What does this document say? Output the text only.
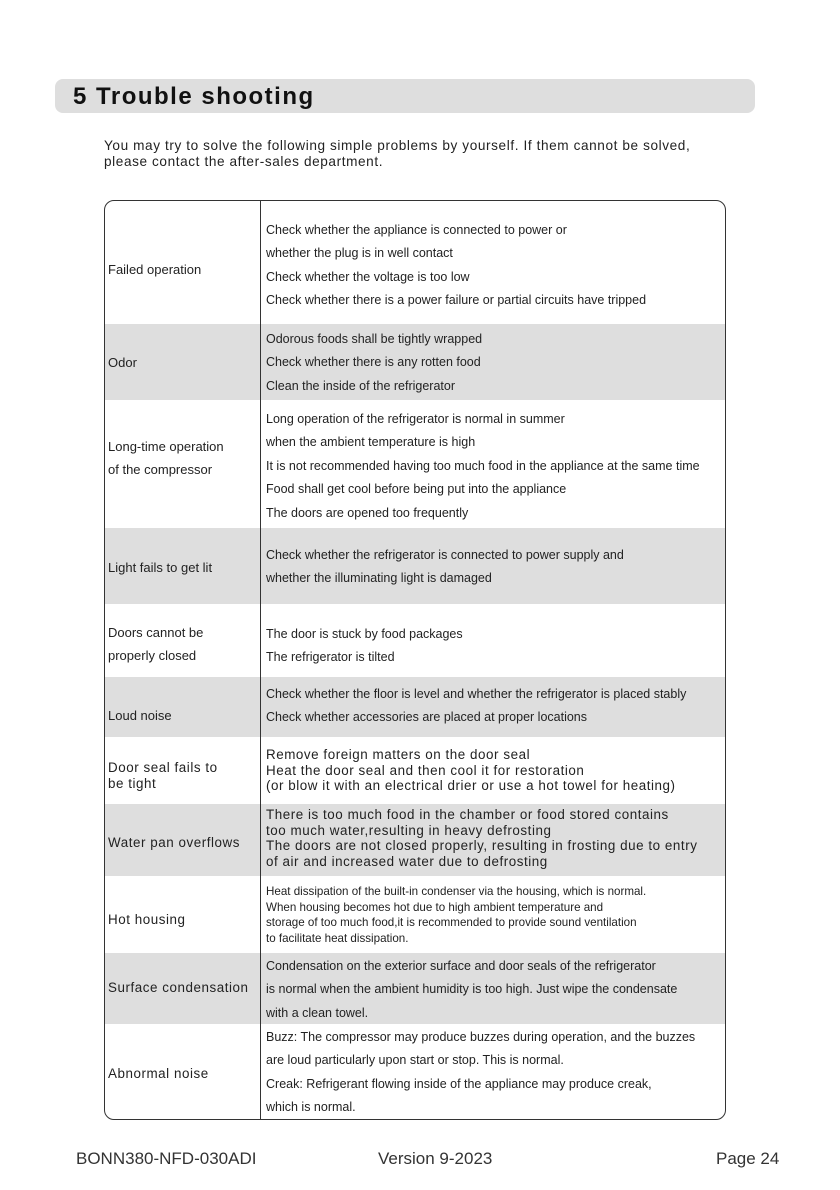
5 Trouble shooting

You may try to solve the following simple problems by yourself. If them cannot be solved,

please contact the after-sales department.

Failed operation
Check whether the appliance is connected to power or
whether the plug is in well contact
Check whether the voltage is too low
Check whether there is a power failure or partial circuits have tripped
Odor
Odorous foods shall be tightly wrapped
Check whether there is any rotten food
Clean the inside of the refrigerator
Long-time operation
of the compressor
Long operation of the refrigerator is normal in summer
when the ambient temperature is high
It is not recommended having too much food in the appliance at the same time
Food shall get cool before being put into the appliance
The doors are opened too frequently
Light fails to get lit
Check whether the refrigerator is connected to power supply and
whether the illuminating light is damaged
Doors cannot be
properly closed
The door is stuck by food packages
The refrigerator is tilted
Loud noise
Check whether the floor is level and whether the refrigerator is placed stably
Check whether accessories are placed at proper locations
Door seal fails to
be tight
Remove foreign matters on the door seal
Heat the door seal and then cool it for restoration
(or blow it with an electrical drier or use a hot towel for heating)
Water pan overflows
There is too much food in the chamber or food stored contains
too much water,resulting in heavy defrosting
The doors are not closed properly, resulting in frosting due to entry
of air and increased water due to defrosting
Hot housing
Heat dissipation of the built-in condenser via the housing, which is normal.
When housing becomes hot due to high ambient temperature and
storage of too much food,it is recommended to provide sound ventilation
to facilitate heat dissipation.
Surface condensation
Condensation on the exterior surface and door seals of the refrigerator
is normal when the ambient humidity is too high. Just wipe the condensate
with a clean towel.
Abnormal noise
Buzz: The compressor may produce buzzes during operation, and the buzzes
are loud particularly upon start or stop. This is normal.
Creak: Refrigerant flowing inside of the appliance may produce creak,
which is normal.
BONN380-NFD-030ADI	Version 9-2023	Page 24
